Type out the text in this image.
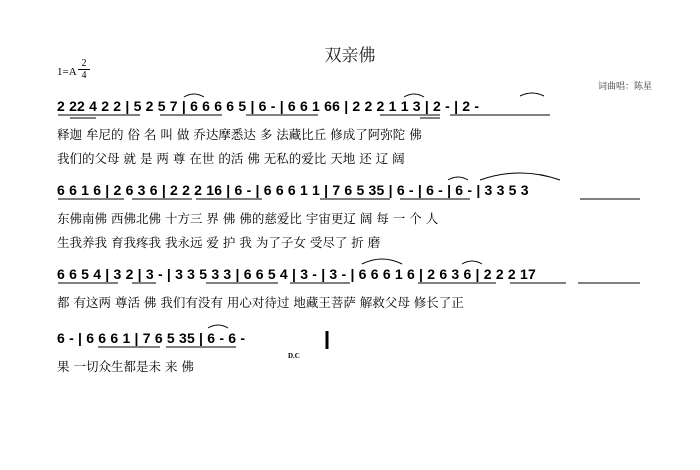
双亲佛
1=A
2
4
词曲唱：陈星
2 22 4 2 2 | 5 2 5 7 | 6 6 6 6 5 | 6 - | 6 6 1 66 | 2 2 2 1 1 3 | 2 - | 2 -
释迦 牟尼的 俗 名 叫 做 乔达摩悉达 多 法藏比丘 修成了阿弥陀 佛
我们的父母 就 是 两 尊 在世 的活 佛 无私的爱比 天地 还 辽 阔
6 6 1 6 | 2 6 3 6 | 2 2 2 16 | 6 - | 6 6 6 1 1 | 7 6 5 35 | 6 - | 6 - | 6 - | 3 3 5 3
东佛南佛 西佛北佛 十方三 界 佛 佛的慈爱比 宇宙更辽 阔 每 一 个 人
生我养我 育我疼我 我永远 爱 护 我 为了子女 受尽了 折 磨
6 6 5 4 | 3 2 | 3 - | 3 3 5 3 3 | 6 6 5 4 | 3 - | 3 - | 6 6 6 1 6 | 2 6 3 6 | 2 2 2 17
都 有这两 尊活 佛 我们有没有 用心对待过 地藏王菩萨 解救父母 修长了正
6 - | 6 6 6 1 | 7 6 5 35 | 6 - 6 -
果 一切众生都是未 来 佛
D.C
